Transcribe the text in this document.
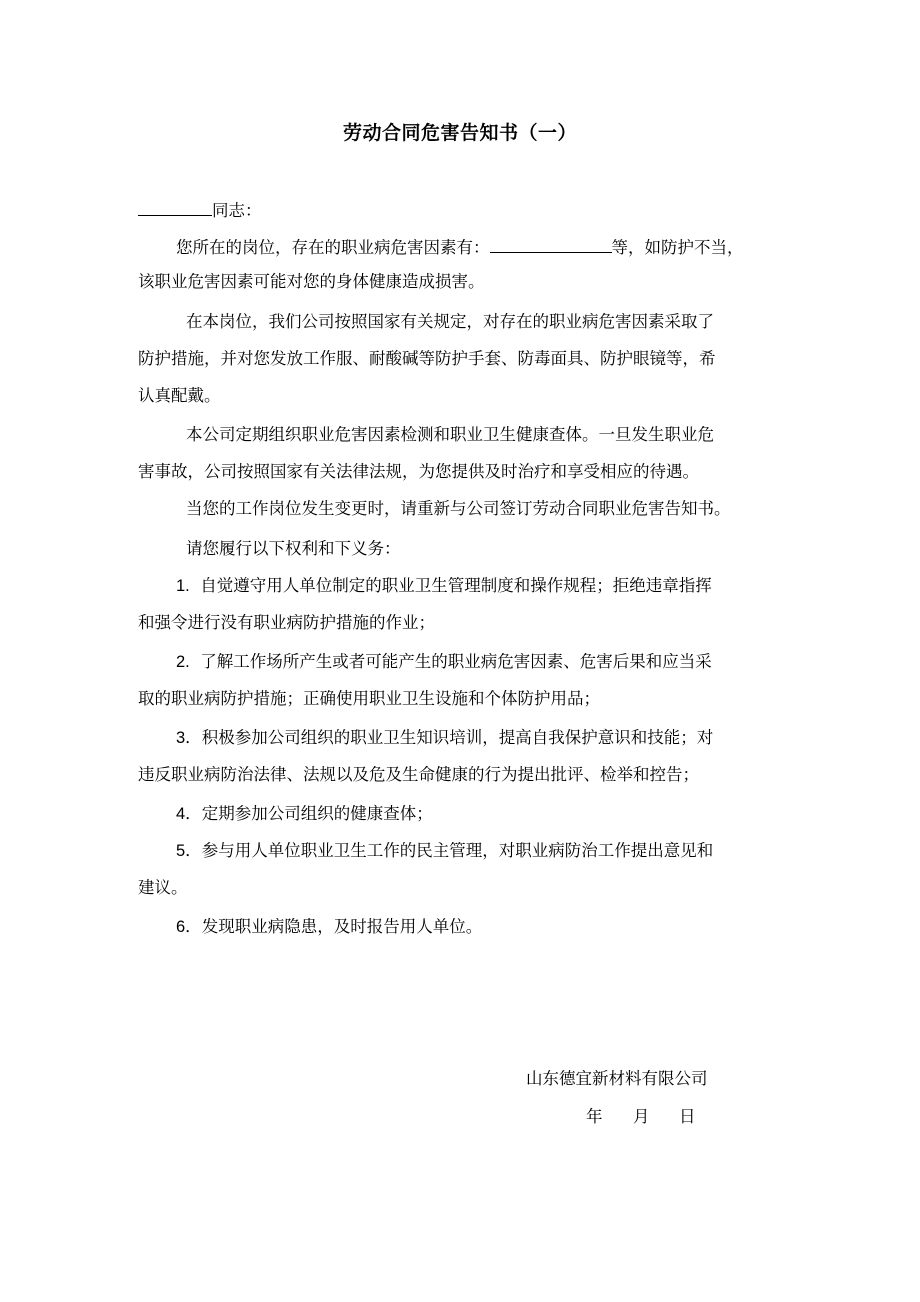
劳动合同危害告知书（一）
同志：
您所在的岗位，存在的职业病危害因素有：	等，如防护不当，
该职业危害因素可能对您的身体健康造成损害。
在本岗位，我们公司按照国家有关规定，对存在的职业病危害因素采取了
防护措施，并对您发放工作服、耐酸碱等防护手套、防毒面具、防护眼镜等，希
认真配戴。
本公司定期组织职业危害因素检测和职业卫生健康查体。一旦发生职业危
害事故，公司按照国家有关法律法规，为您提供及时治疗和享受相应的待遇。
当您的工作岗位发生变更时，请重新与公司签订劳动合同职业危害告知书。
请您履行以下权利和下义务：
1. 自觉遵守用人单位制定的职业卫生管理制度和操作规程；拒绝违章指挥
和强令进行没有职业病防护措施的作业；
2. 了解工作场所产生或者可能产生的职业病危害因素、危害后果和应当采
取的职业病防护措施；正确使用职业卫生设施和个体防护用品；
3．积极参加公司组织的职业卫生知识培训，提高自我保护意识和技能；对
违反职业病防治法律、法规以及危及生命健康的行为提出批评、检举和控告；
4．定期参加公司组织的健康查体；
5．参与用人单位职业卫生工作的民主管理，对职业病防治工作提出意见和
建议。
6．发现职业病隐患，及时报告用人单位。
山东德宜新材料有限公司
年 月 日
